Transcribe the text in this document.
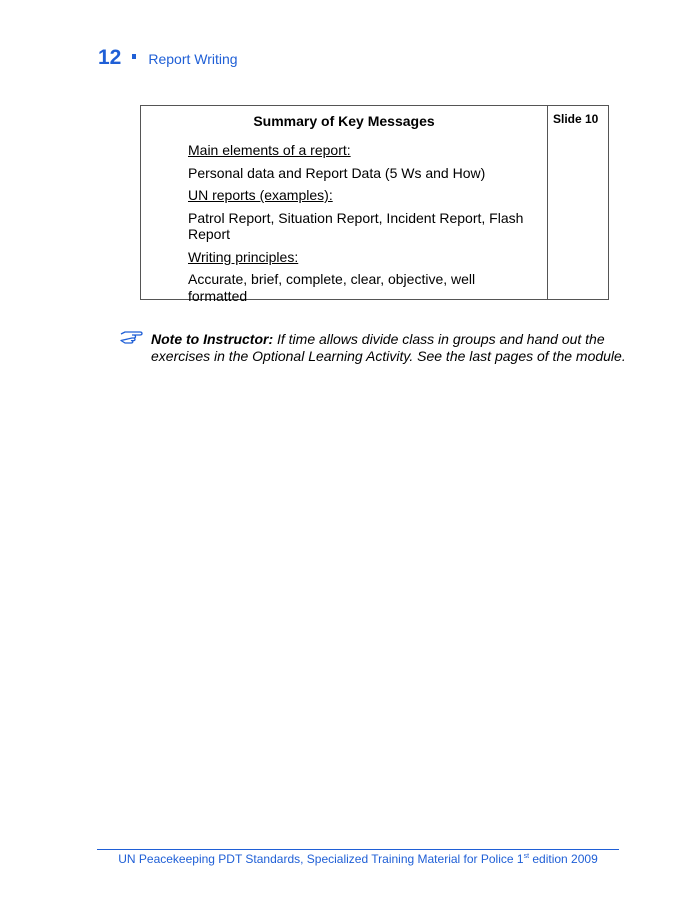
12 Report Writing
Summary of Key Messages	Slide 10
Main elements of a report:
Personal data and Report Data (5 Ws and How)
UN reports (examples):
Patrol Report, Situation Report, Incident Report, Flash Report
Writing principles:
Accurate, brief, complete, clear, objective, well formatted
Note to Instructor: If time allows divide class in groups and hand out the exercises in the Optional Learning Activity. See the last pages of the module.
UN Peacekeeping PDT Standards, Specialized Training Material for Police 1st edition 2009
